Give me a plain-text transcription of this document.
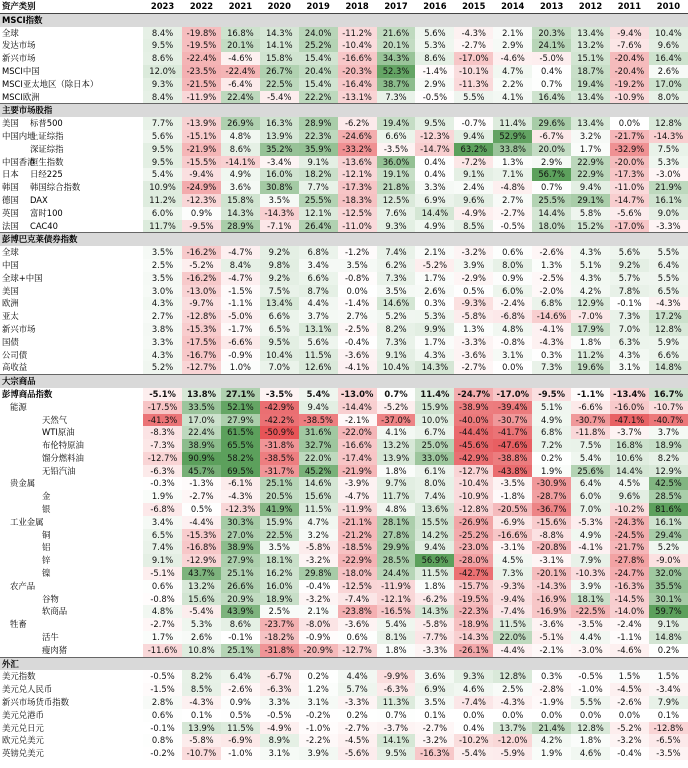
资产类别	2023	2022	2021	2020	2019	2018	2017	2016	2015	2014	2013	2012	2011	2010
MSCI指数														

全球	8.4%	-19.8%	16.8%	14.3%	24.0%	-11.2%	21.6%	5.6%	-4.3%	2.1%	20.3%	13.4%	-9.4%	10.4%

发达市场	9.5%	-19.5%	20.1%	14.1%	25.2%	-10.4%	20.1%	5.3%	-2.7%	2.9%	24.1%	13.2%	-7.6%	9.6%

新兴市场	8.6%	-22.4%	-4.6%	15.8%	15.4%	-16.6%	34.3%	8.6%	-17.0%	-4.6%	-5.0%	15.1%	-20.4%	16.4%

MSCI中国	12.0%	-23.5%	-22.4%	26.7%	20.4%	-20.3%	52.3%	-1.4%	-10.1%	4.7%	0.4%	18.7%	-20.4%	2.6%

MSCI亚太地区（除日本）	9.3%	-21.5%	-6.4%	22.5%	15.4%	-16.4%	38.7%	2.9%	-11.3%	2.2%	0.7%	19.4%	-19.2%	17.0%

MSCI欧洲	8.4%	-11.9%	22.4%	-5.4%	22.2%	-13.1%	7.3%	-0.5%	5.5%	4.1%	16.4%	13.4%	-10.9%	8.0%
主要市场股指														

美国 标普500	7.7%	-13.9%	26.9%	16.3%	28.9%	-6.2%	19.4%	9.5%	-0.7%	11.4%	29.6%	13.4%	0.0%	12.8%

中国内地
上证综指	5.6%	-15.1%	4.8%	13.9%	22.3%	-24.6%	6.6%	-12.3%	9.4%	52.9%	-6.7%	3.2%	-21.7%	-14.3%

深证综指	9.5%	-21.9%	8.6%	35.2%	35.9%	-33.2%	-3.5%	-14.7%	63.2%	33.8%	20.0%	1.7%	-32.9%	7.5%

中国香港
恒生指数	9.5%	-15.5%	-14.1%	-3.4%	9.1%	-13.6%	36.0%	0.4%	-7.2%	1.3%	2.9%	22.9%	-20.0%	5.3%

日本 日经225	5.4%	-9.4%	4.9%	16.0%	18.2%	-12.1%	19.1%	0.4%	9.1%	7.1%	56.7%	22.9%	-17.3%	-3.0%

韩国 韩国综合指数	10.9%	-24.9%	3.6%	30.8%	7.7%	-17.3%	21.8%	3.3%	2.4%	-4.8%	0.7%	9.4%	-11.0%	21.9%

德国 DAX	11.2%	-12.3%	15.8%	3.5%	25.5%	-18.3%	12.5%	6.9%	9.6%	2.7%	25.5%	29.1%	-14.7%	16.1%

英国 富时100	6.0%	0.9%	14.3%	-14.3%	12.1%	-12.5%	7.6%	14.4%	-4.9%	-2.7%	14.4%	5.8%	-5.6%	9.0%

法国 CAC40	11.7%	-9.5%	28.9%	-7.1%	26.4%	-11.0%	9.3%	4.9%	8.5%	-0.5%	18.0%	15.2%	-17.0%	-3.3%
彭博巴克莱债券指数														

全球	3.5%	-16.2%	-4.7%	9.2%	6.8%	-1.2%	7.4%	2.1%	-3.2%	0.6%	-2.6%	4.3%	5.6%	5.5%

中国	2.5%	-5.2%	8.4%	9.8%	3.4%	3.5%	6.2%	-5.2%	3.9%	8.0%	1.3%	5.1%	9.2%	6.4%

全球+中国	3.5%	-16.2%	-4.7%	9.2%	6.6%	-0.8%	7.3%	1.7%	-2.9%	0.9%	-2.5%	4.3%	5.7%	5.5%

美国	3.0%	-13.0%	-1.5%	7.5%	8.7%	0.0%	3.5%	2.6%	0.5%	6.0%	-2.0%	4.2%	7.8%	6.5%

欧洲	4.3%	-9.7%	-1.1%	13.4%	4.4%	-1.4%	14.6%	0.3%	-9.3%	-2.4%	6.8%	12.9%	-0.1%	-4.3%

亚太	2.7%	-12.8%	-5.0%	6.6%	3.7%	2.7%	5.2%	5.3%	-5.8%	-6.8%	-14.6%	-7.0%	7.3%	17.2%

新兴市场	3.8%	-15.3%	-1.7%	6.5%	13.1%	-2.5%	8.2%	9.9%	1.3%	4.8%	-4.1%	17.9%	7.0%	12.8%

国债	3.3%	-17.5%	-6.6%	9.5%	5.6%	-0.4%	7.3%	1.7%	-3.3%	-0.8%	-4.3%	1.8%	6.3%	5.9%

公司债	4.3%	-16.7%	-0.9%	10.4%	11.5%	-3.6%	9.1%	4.3%	-3.6%	3.1%	0.3%	11.2%	4.3%	6.6%

高收益	5.2%	-12.7%	1.0%	7.0%	12.6%	-4.1%	10.4%	14.3%	-2.7%	0.0%	7.3%	19.6%	3.1%	14.8%
大宗商品														

彭博商品指数	-5.1%	13.8%	27.1%	-3.5%	5.4%	-13.0%	0.7%	11.4%	-24.7%	-17.0%	-9.5%	-1.1%	-13.4%	16.7%

能源	-17.5%	33.5%	52.1%	-42.9%	9.4%	-14.4%	-5.2%	15.9%	-38.9%	-39.4%	5.1%	-6.6%	-16.0%	-10.7%

天然气	-41.3%	17.0%	27.9%	-42.2%	-38.5%	-2.1%	-37.0%	10.0%	-40.0%	-30.7%	4.9%	-30.7%	-47.1%	-40.7%

WTI原油	-8.3%	22.4%	61.5%	-50.9%	31.6%	-22.0%	4.1%	6.7%	-44.4%	-41.7%	6.8%	-11.8%	-3.7%	3.7%

布伦特原油	-7.3%	38.9%	65.5%	-31.8%	32.7%	-16.6%	13.2%	25.0%	-45.6%	-47.6%	7.2%	7.5%	16.8%	18.9%

馏分燃料油	-12.7%	90.9%	58.2%	-38.5%	22.0%	-17.4%	13.9%	33.0%	-42.9%	-38.8%	0.2%	5.4%	10.6%	8.2%

无铅汽油	-6.3%	45.7%	69.5%	-31.7%	45.2%	-21.9%	1.8%	6.1%	-12.7%	-43.8%	1.9%	25.6%	14.4%	12.9%

贵金属	-0.3%	-1.3%	-6.1%	25.1%	14.6%	-3.9%	9.7%	8.0%	-10.4%	-3.5%	-30.9%	6.4%	4.5%	42.5%

金	1.9%	-2.7%	-4.3%	20.5%	15.6%	-4.7%	11.7%	7.4%	-10.9%	-1.8%	-28.7%	6.0%	9.6%	28.5%

银	-6.8%	0.5%	-12.3%	41.9%	11.5%	-11.9%	4.8%	13.6%	-12.8%	-20.5%	-36.7%	7.0%	-10.2%	81.6%

工业金属	3.4%	-4.4%	30.3%	15.9%	4.7%	-21.1%	28.1%	15.5%	-26.9%	-6.9%	-15.6%	-5.3%	-24.3%	16.1%

铜	6.5%	-15.3%	27.0%	22.5%	3.2%	-21.2%	27.8%	14.2%	-25.2%	-16.6%	-8.8%	4.9%	-24.5%	29.4%

铝	7.4%	-16.8%	38.9%	3.5%	-5.8%	-18.5%	29.9%	9.4%	-23.0%	-3.1%	-20.8%	-4.1%	-21.7%	5.2%

锌	9.1%	-12.9%	27.9%	18.1%	-3.2%	-22.9%	28.5%	56.9%	-28.0%	4.5%	-3.1%	7.9%	-27.8%	-9.0%

镍	-5.1%	43.7%	25.1%	16.2%	29.8%	-18.0%	24.4%	11.5%	-42.7%	7.3%	-20.1%	-10.3%	-24.7%	32.0%

农产品	0.6%	13.2%	26.6%	16.0%	-0.4%	-12.5%	-11.9%	1.8%	-15.7%	-9.3%	-14.3%	3.9%	-16.3%	35.5%

谷物	-0.8%	15.6%	20.9%	18.9%	-3.2%	-7.4%	-12.1%	-6.2%	-19.5%	-9.4%	-16.9%	18.1%	-14.5%	30.1%

软商品	4.8%	-5.4%	43.9%	2.5%	2.1%	-23.8%	-16.5%	14.3%	-22.3%	-7.4%	-16.9%	-22.5%	-14.0%	59.7%

牲畜	-2.7%	5.3%	8.6%	-23.7%	-8.0%	-3.6%	5.4%	-5.8%	-18.9%	11.5%	-3.6%	-3.5%	-2.4%	9.1%

活牛	1.7%	2.6%	-0.1%	-18.2%	-0.9%	0.6%	8.1%	-7.7%	-14.3%	22.0%	-5.1%	4.4%	-1.1%	14.8%

瘦肉猪	-11.6%	10.8%	25.1%	-31.8%	-20.9%	-12.7%	1.8%	-3.3%	-26.1%	-4.4%	-2.1%	-3.0%	-4.6%	0.2%
外汇														

美元指数	-0.5%	8.2%	6.4%	-6.7%	0.2%	4.4%	-9.9%	3.6%	9.3%	12.8%	0.3%	-0.5%	1.5%	1.5%

美元兑人民币	-1.5%	8.5%	-2.6%	-6.3%	1.2%	5.7%	-6.3%	6.9%	4.6%	2.5%	-2.8%	-1.0%	-4.5%	-3.4%

新兴市场货币指数	2.8%	-4.3%	0.9%	3.3%	3.1%	-3.3%	11.3%	3.5%	-7.4%	-4.3%	-1.9%	5.5%	-2.6%	7.9%

美元兑港币	0.6%	0.1%	0.5%	-0.5%	-0.2%	0.2%	0.7%	0.1%	0.0%	0.0%	0.0%	0.0%	0.0%	0.1%

美元兑日元	-0.1%	13.9%	11.5%	-4.9%	-1.0%	-2.7%	-3.7%	-2.7%	0.4%	13.7%	21.4%	12.8%	-5.2%	-12.8%

欧元兑美元	0.8%	-5.8%	-6.9%	8.9%	-2.2%	-4.5%	14.1%	-3.2%	-10.2%	-12.0%	4.2%	1.8%	-3.2%	-6.5%

英镑兑美元	-0.2%	-10.7%	-1.0%	3.1%	3.9%	-5.6%	9.5%	-16.3%	-5.4%	-5.9%	1.9%	4.6%	-0.4%	-3.5%
